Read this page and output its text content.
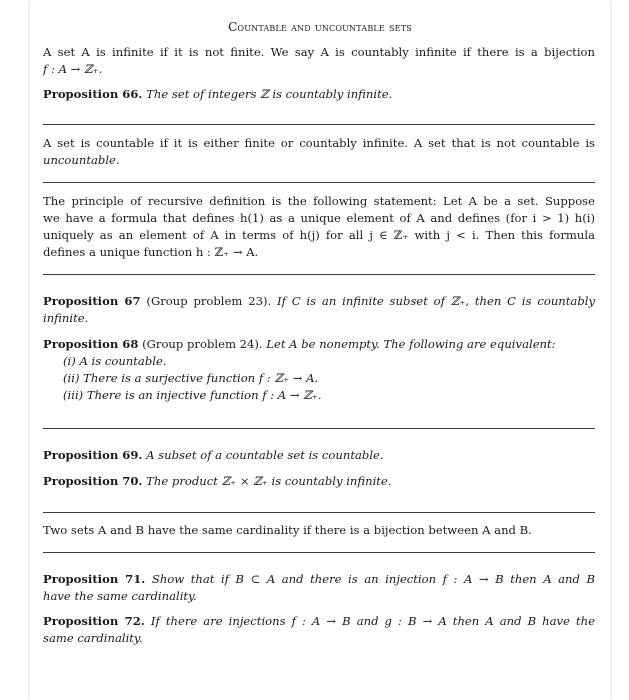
Countable and uncountable sets
A set A is infinite if it is not finite. We say A is countably infinite if there is a bijection
f : A → ℤ₊.
Proposition 66. The set of integers ℤ is countably infinite.
A set is countable if it is either finite or countably infinite. A set that is not countable is
uncountable.
The principle of recursive definition is the following statement: Let A be a set. Suppose
we have a formula that defines h(1) as a unique element of A and defines (for i > 1) h(i)
uniquely as an element of A in terms of h(j) for all j ∈ ℤ₊ with j < i. Then this formula
defines a unique function h : ℤ₊ → A.
Proposition 67 (Group problem 23). If C is an infinite subset of ℤ₊, then C is countably
infinite.
Proposition 68 (Group problem 24). Let A be nonempty. The following are equivalent:
(i) A is countable.
(ii) There is a surjective function f : ℤ₊ → A.
(iii) There is an injective function f : A → ℤ₊.
Proposition 69. A subset of a countable set is countable.
Proposition 70. The product ℤ₊ × ℤ₊ is countably infinite.
Two sets A and B have the same cardinality if there is a bijection between A and B.
Proposition 71. Show that if B ⊂ A and there is an injection f : A → B then A and B
have the same cardinality.
Proposition 72. If there are injections f : A → B and g : B → A then A and B have the
same cardinality.
